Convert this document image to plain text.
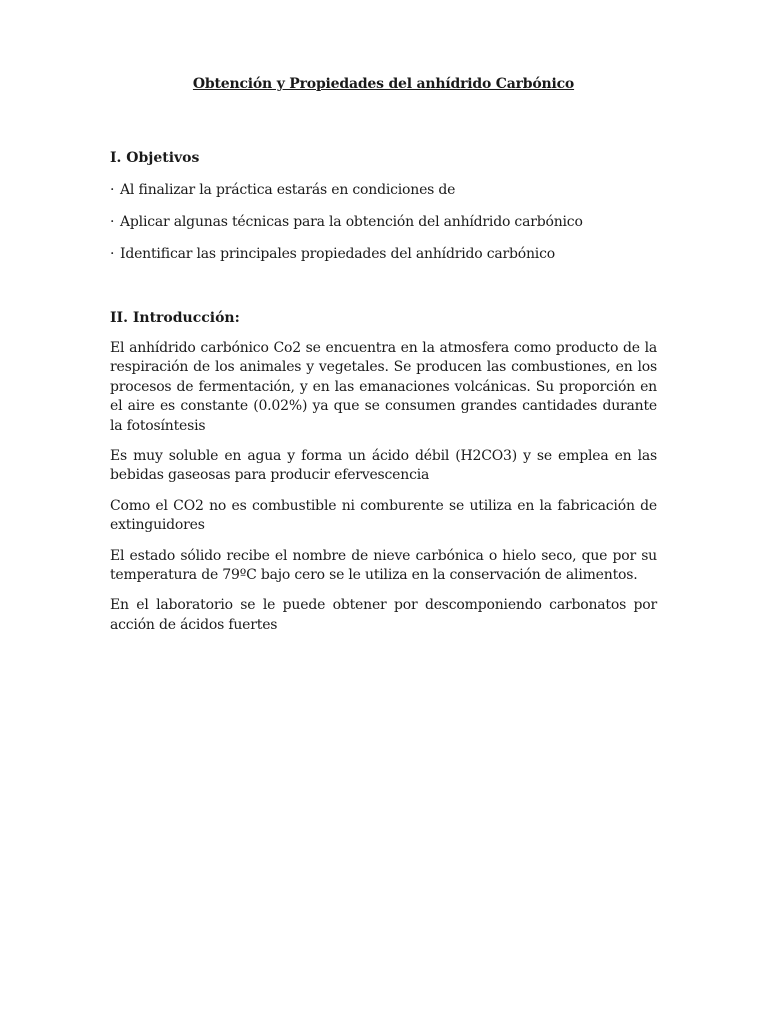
Obtención y Propiedades del anhídrido Carbónico

I. Objetivos

· Al finalizar la práctica estarás en condiciones de

· Aplicar algunas técnicas para la obtención del anhídrido carbónico

· Identificar las principales propiedades del anhídrido carbónico

II. Introducción:

El anhídrido carbónico Co2 se encuentra en la atmosfera como producto de la respiración de los animales y vegetales. Se producen las combustiones, en los procesos de fermentación, y en las emanaciones volcánicas. Su proporción en el aire es constante (0.02%) ya que se consumen grandes cantidades durante la fotosíntesis

Es muy soluble en agua y forma un ácido débil (H2CO3) y se emplea en las bebidas gaseosas para producir efervescencia

Como el CO2 no es combustible ni comburente se utiliza en la fabricación de extinguidores

El estado sólido recibe el nombre de nieve carbónica o hielo seco, que por su temperatura de 79ºC bajo cero se le utiliza en la conservación de alimentos.

En el laboratorio se le puede obtener por descomponiendo carbonatos por acción de ácidos fuertes
